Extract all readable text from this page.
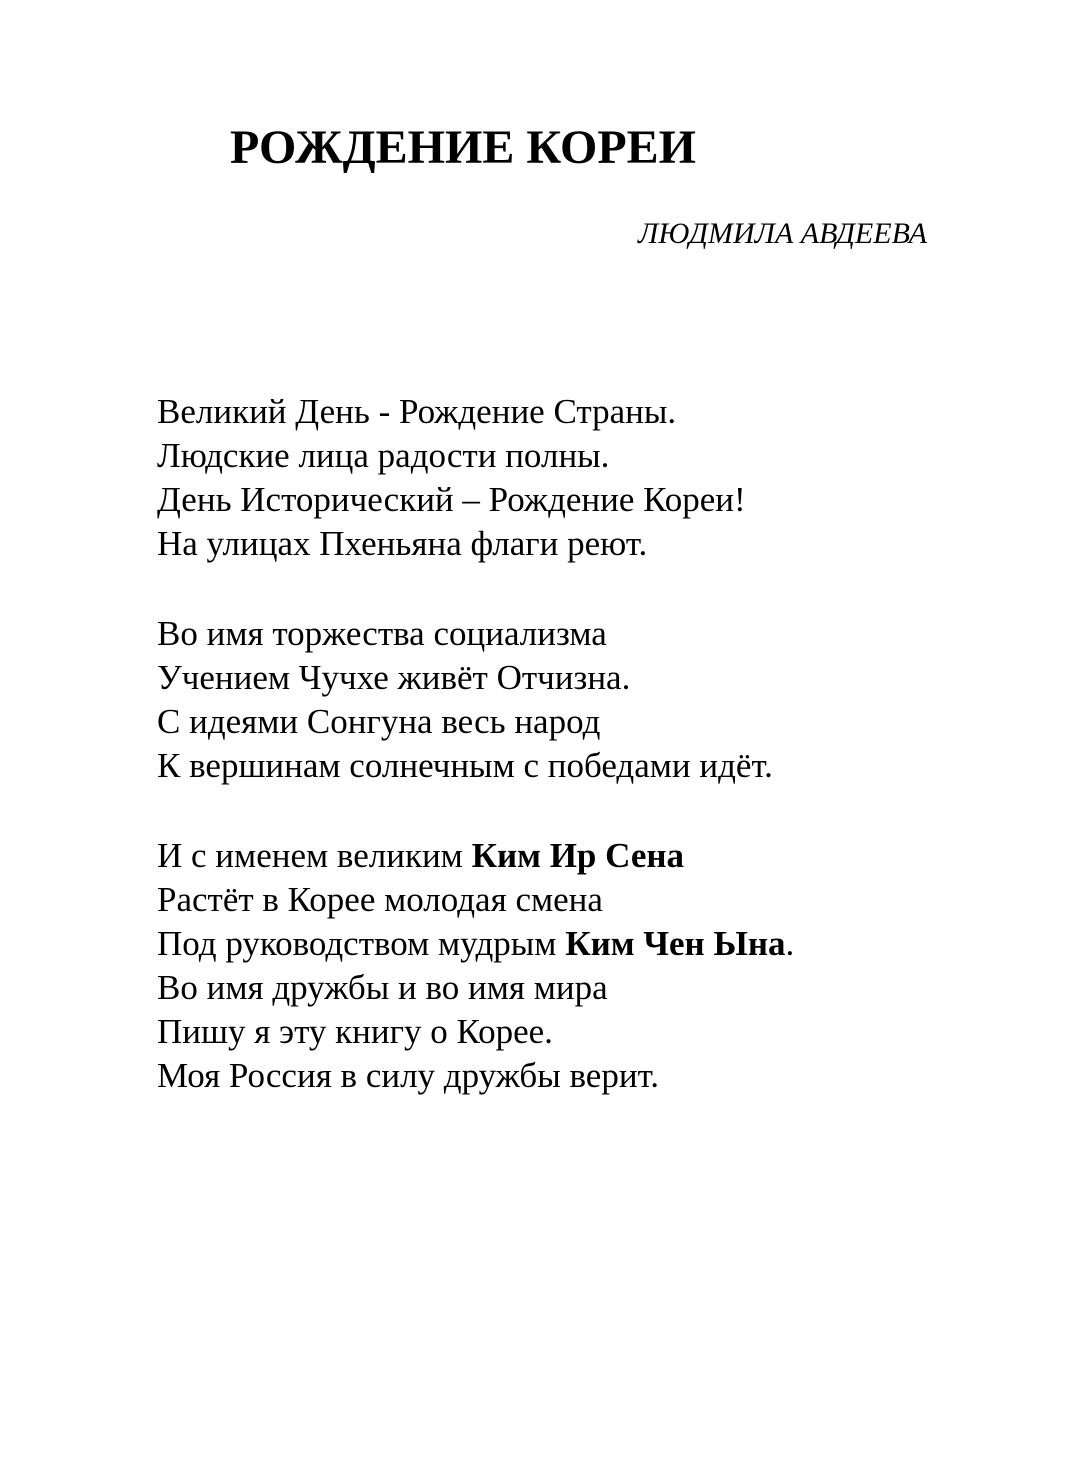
РОЖДЕНИЕ КОРЕИ

ЛЮДМИЛА АВДЕЕВА

Великий День - Рождение Страны.
Людские лица радости полны.
День Исторический – Рождение Кореи!
На улицах Пхеньяна флаги реют.
Во имя торжества социализма
Учением Чучхе живёт Отчизна.
С идеями Сонгуна весь народ
К вершинам солнечным с победами идёт.
И с именем великим Ким Ир Сена
Растёт в Корее молодая смена
Под руководством мудрым Ким Чен Ына.
Во имя дружбы и во имя мира
Пишу я эту книгу о Корее.
Моя Россия в силу дружбы верит.
